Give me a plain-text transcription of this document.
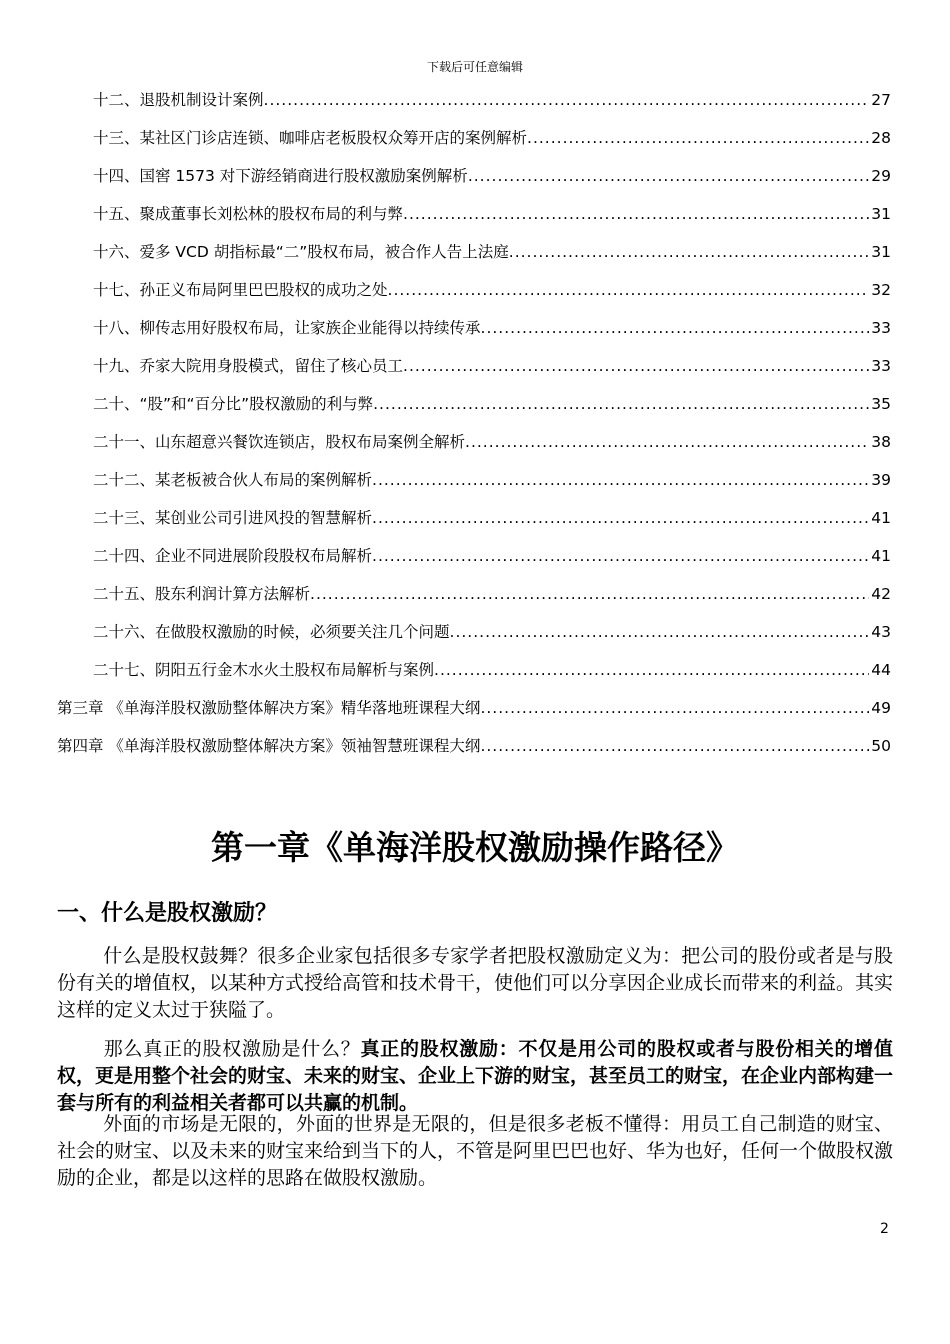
下载后可任意编辑
十二、退股机制设计案例 .....	27
十三、某社区门诊店连锁、咖啡店老板股权众筹开店的案例解析 .....	28
十四、国窖 1573 对下游经销商进行股权激励案例解析 .....	29
十五、聚成董事长刘松林的股权布局的利与弊 .....	31
十六、爱多 VCD 胡指标最“二”股权布局，被合作人告上法庭 .....	31
十七、孙正义布局阿里巴巴股权的成功之处 .....	32
十八、柳传志用好股权布局，让家族企业能得以持续传承 .....	33
十九、乔家大院用身股模式，留住了核心员工 .....	33
二十、“股”和“百分比”股权激励的利与弊 .....	35
二十一、山东超意兴餐饮连锁店，股权布局案例全解析 .....	38
二十二、某老板被合伙人布局的案例解析 .....	39
二十三、某创业公司引进风投的智慧解析 .....	41
二十四、企业不同进展阶段股权布局解析 .....	41
二十五、股东利润计算方法解析 .....	42
二十六、在做股权激励的时候，必须要关注几个问题 .....	43
二十七、阴阳五行金木水火土股权布局解析与案例 .....	44
第三章 《单海洋股权激励整体解决方案》精华落地班课程大纲 .....	49
第四章 《单海洋股权激励整体解决方案》领袖智慧班课程大纲 .....	50
第一章《单海洋股权激励操作路径》
一、什么是股权激励？
什么是股权鼓舞？很多企业家包括很多专家学者把股权激励定义为：把公司的股份或者是与股份有关的增值权，以某种方式授给高管和技术骨干，使他们可以分享因企业成长而带来的利益。其实这样的定义太过于狭隘了。
那么真正的股权激励是什么？真正的股权激励：不仅是用公司的股权或者与股份相关的增值权，更是用整个社会的财宝、未来的财宝、企业上下游的财宝，甚至员工的财宝，在企业内部构建一套与所有的利益相关者都可以共赢的机制。
外面的市场是无限的，外面的世界是无限的，但是很多老板不懂得：用员工自己制造的财宝、社会的财宝、以及未来的财宝来给到当下的人，不管是阿里巴巴也好、华为也好，任何一个做股权激励的企业，都是以这样的思路在做股权激励。
2
